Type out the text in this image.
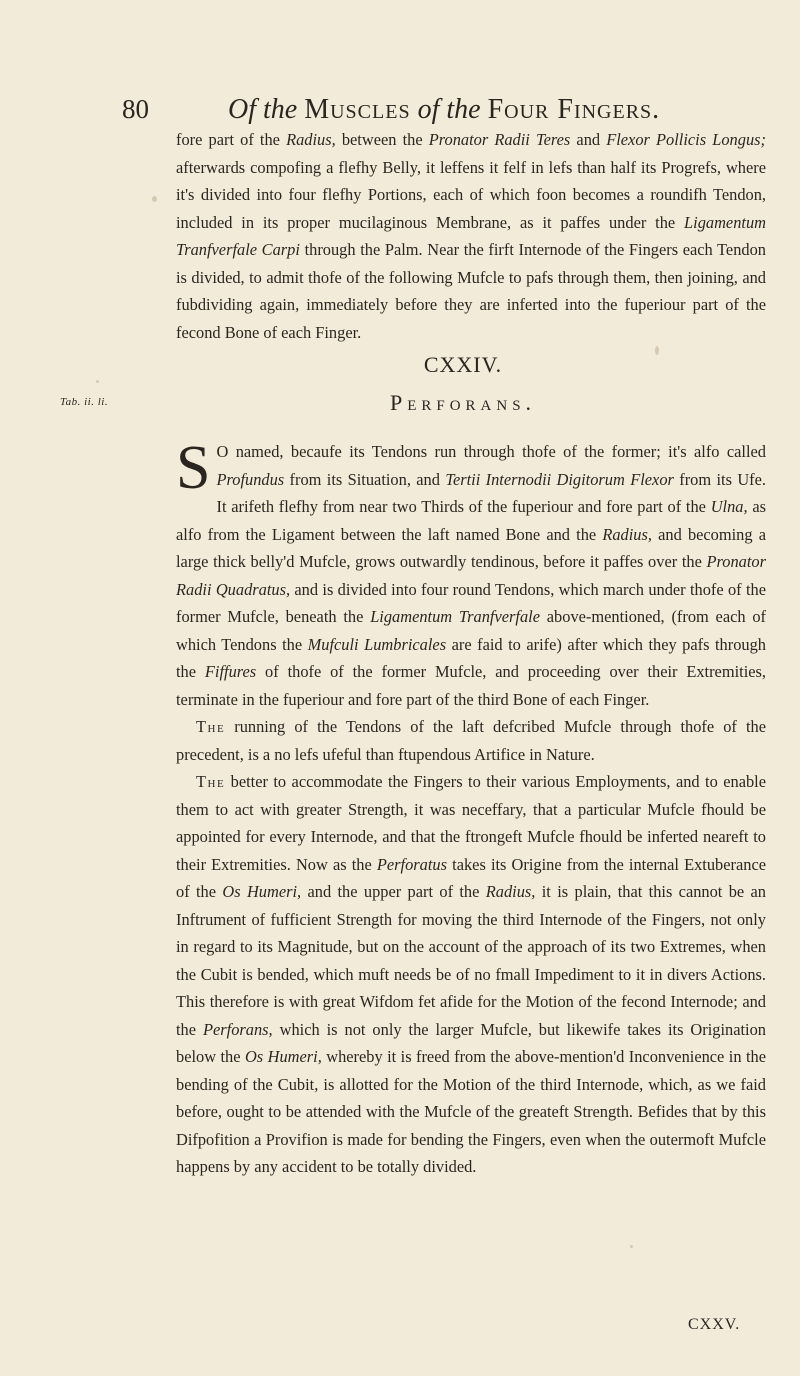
80	Of the Muscles of the Four Fingers.

fore part of the Radius, between the Pronator Radii Teres and Flexor Pollicis Longus; afterwards compofing a flefhy Belly, it leffens it felf in lefs than half its Progrefs, where it's divided into four flefhy Portions, each of which foon becomes a roundifh Tendon, included in its proper mucilaginous Membrane, as it paffes under the Ligamentum Tranfverfale Carpi through the Palm. Near the firft Internode of the Fingers each Tendon is divided, to admit thofe of the following Mufcle to pafs through them, then joining, and fubdividing again, immediately before they are inferted into the fuperiour part of the fecond Bone of each Finger.

CXXIV.
Tab. ii. li.	Perforans.

S O named, becaufe its Tendons run through thofe of the former; it's alfo called Profundus from its Situation, and Tertii Internodii Digitorum Flexor from its Ufe. It arifeth flefhy from near two Thirds of the fuperiour and fore part of the Ulna, as alfo from the Ligament between the laft named Bone and the Radius, and becoming a large thick belly'd Mufcle, grows outwardly tendinous, before it paffes over the Pronator Radii Quadratus, and is divided into four round Tendons, which march under thofe of the former Mufcle, beneath the Ligamentum Tranfverfale above-mentioned, (from each of which Tendons the Mufculi Lumbricales are faid to arife) after which they pafs through the Fiffures of thofe of the former Mufcle, and proceeding over their Extremities, terminate in the fuperiour and fore part of the third Bone of each Finger.

The running of the Tendons of the laft defcribed Mufcle through thofe of the precedent, is a no lefs ufeful than ftupendous Artifice in Nature.

The better to accommodate the Fingers to their various Employments, and to enable them to act with greater Strength, it was neceffary, that a particular Mufcle fhould be appointed for every Internode, and that the ftrongeft Mufcle fhould be inferted neareft to their Extremities. Now as the Perforatus takes its Origine from the internal Extuberance of the Os Humeri, and the upper part of the Radius, it is plain, that this cannot be an Inftrument of fufficient Strength for moving the third Internode of the Fingers, not only in regard to its Magnitude, but on the account of the approach of its two Extremes, when the Cubit is bended, which muft needs be of no fmall Impediment to it in divers Actions. This therefore is with great Wifdom fet afide for the Motion of the fecond Internode; and the Perforans, which is not only the larger Mufcle, but likewife takes its Origination below the Os Humeri, whereby it is freed from the above-mention'd Inconvenience in the bending of the Cubit, is allotted for the Motion of the third Internode, which, as we faid before, ought to be attended with the Mufcle of the greateft Strength. Befides that by this Difpofition a Provifion is made for bending the Fingers, even when the outermoft Mufcle happens by any accident to be totally divided.

CXXV.
